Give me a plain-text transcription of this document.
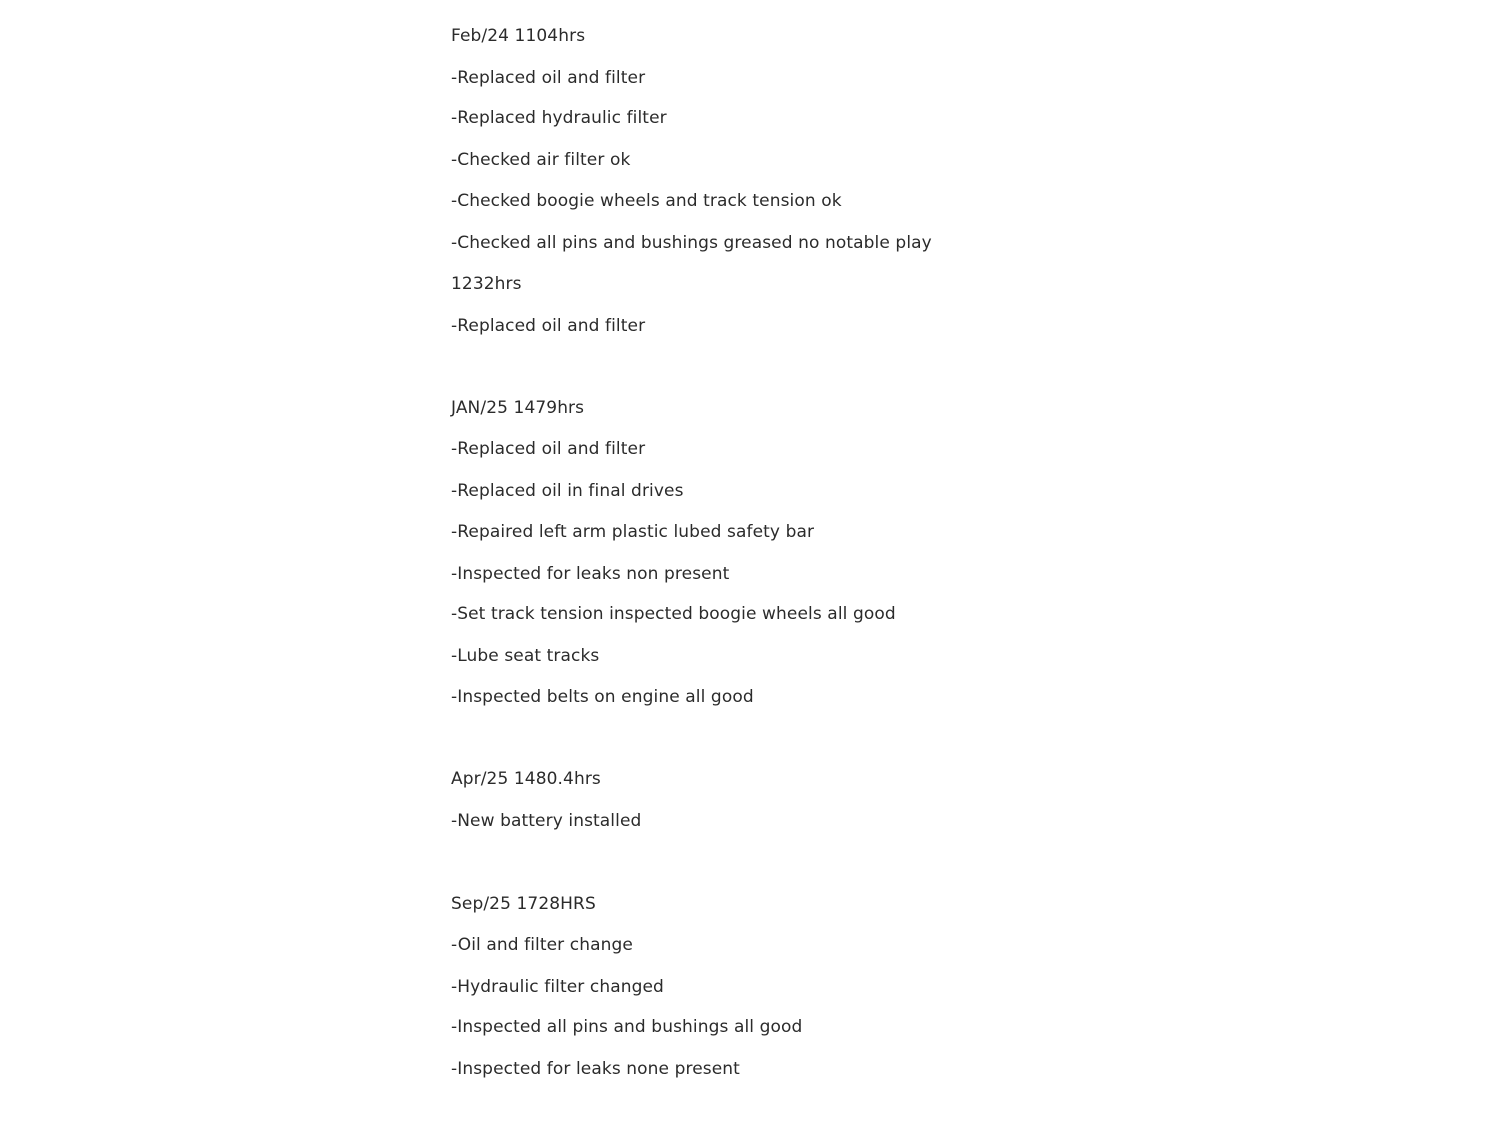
Feb/24 1104hrs
-Replaced oil and filter
-Replaced hydraulic filter
-Checked air filter ok
-Checked boogie wheels and track tension ok
-Checked all pins and bushings greased no notable play
1232hrs
-Replaced oil and filter
JAN/25 1479hrs
-Replaced oil and filter
-Replaced oil in final drives
-Repaired left arm plastic lubed safety bar
-Inspected for leaks non present
-Set track tension inspected boogie wheels all good
-Lube seat tracks
-Inspected belts on engine all good
Apr/25 1480.4hrs
-New battery installed
Sep/25 1728HRS
-Oil and filter change
-Hydraulic filter changed
-Inspected all pins and bushings all good
-Inspected for leaks none present
